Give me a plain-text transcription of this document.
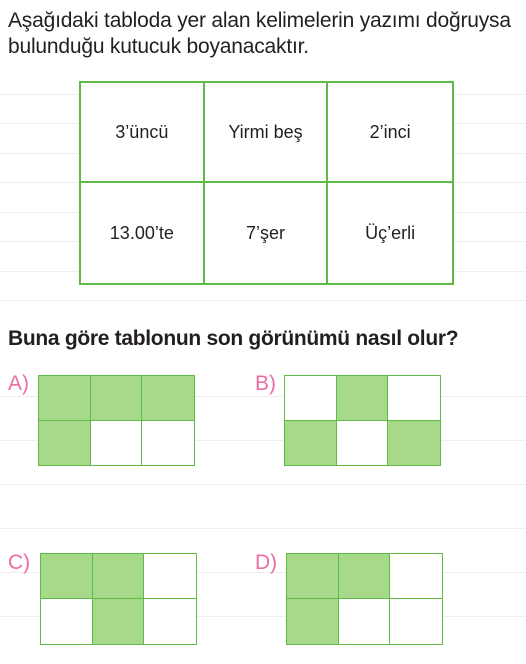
Aşağıdaki tabloda yer alan kelimelerin yazımı doğruysa bulunduğu kutucuk boyanacaktır.
3’üncü	Yirmi beş	2’inci
13.00’te	7’şer	Üç’erli
Buna göre tablonun son görünümü nasıl olur?
A)	B)
C)	D)
